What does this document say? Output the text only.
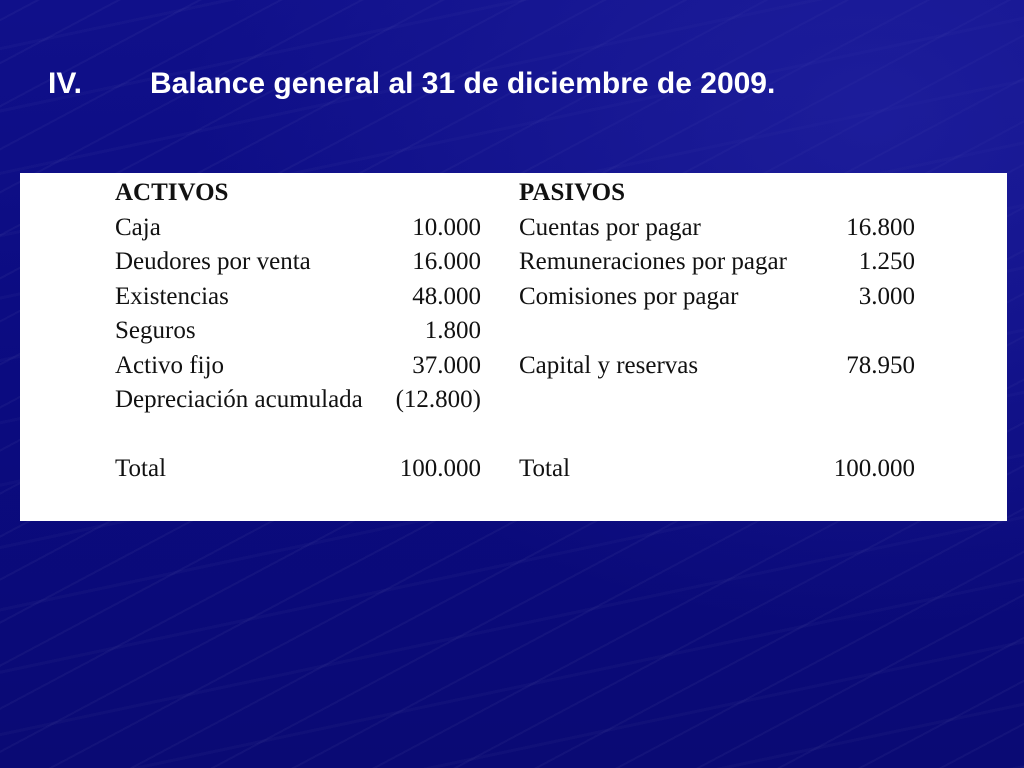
IV. Balance general al 31 de diciembre de 2009.
ACTIVOS
Caja	10.000
Deudores por venta	16.000
Existencias	48.000
Seguros	1.800
Activo fijo	37.000
Depreciación acumulada (12.800)
Total	100.000
PASIVOS
Cuentas por pagar	16.800
Remuneraciones por pagar	1.250
Comisiones por pagar	3.000
Capital y reservas	78.950
Total	100.000
